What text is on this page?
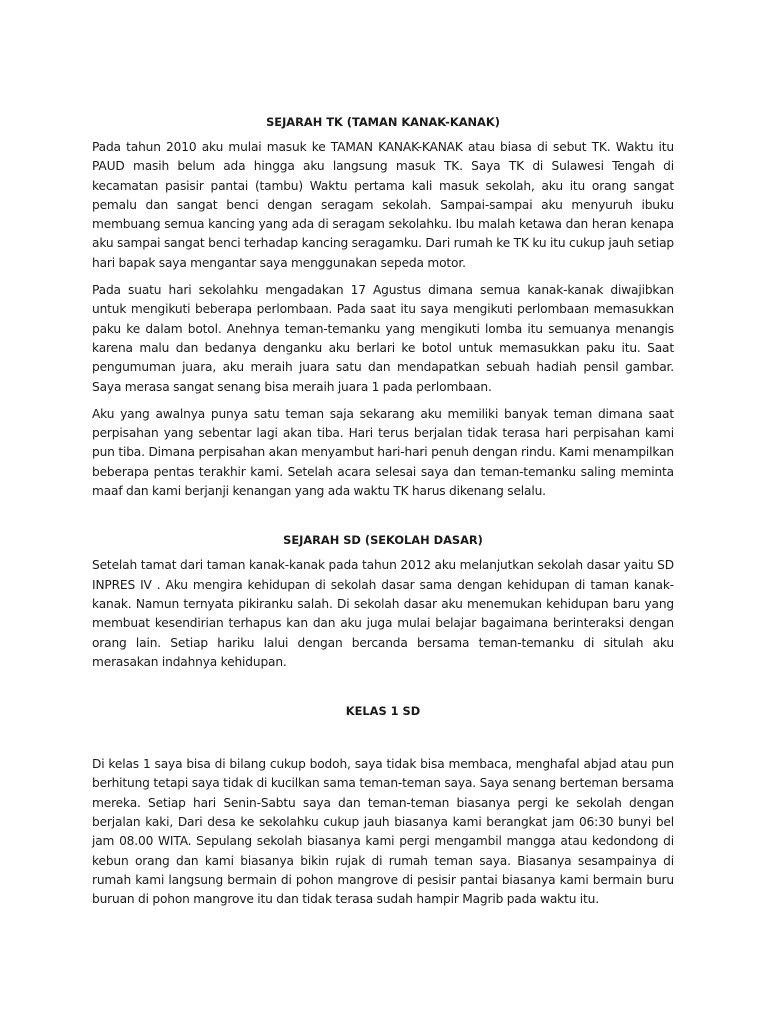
SEJARAH TK (TAMAN KANAK-KANAK)

Pada tahun 2010 aku mulai masuk ke TAMAN KANAK-KANAK atau biasa di sebut TK. Waktu itu PAUD masih belum ada hingga aku langsung masuk TK. Saya TK di Sulawesi Tengah di kecamatan pasisir pantai (tambu) Waktu pertama kali masuk sekolah, aku itu orang sangat pemalu dan sangat benci dengan seragam sekolah. Sampai-sampai aku menyuruh ibuku membuang semua kancing yang ada di seragam sekolahku. Ibu malah ketawa dan heran kenapa aku sampai sangat benci terhadap kancing seragamku. Dari rumah ke TK ku itu cukup jauh setiap hari bapak saya mengantar saya menggunakan sepeda motor.

Pada suatu hari sekolahku mengadakan 17 Agustus dimana semua kanak-kanak diwajibkan untuk mengikuti beberapa perlombaan. Pada saat itu saya mengikuti perlombaan memasukkan paku ke dalam botol. Anehnya teman-temanku yang mengikuti lomba itu semuanya menangis karena malu dan bedanya denganku aku berlari ke botol untuk memasukkan paku itu. Saat pengumuman juara, aku meraih juara satu dan mendapatkan sebuah hadiah pensil gambar. Saya merasa sangat senang bisa meraih juara 1 pada perlombaan.

Aku yang awalnya punya satu teman saja sekarang aku memiliki banyak teman dimana saat perpisahan yang sebentar lagi akan tiba. Hari terus berjalan tidak terasa hari perpisahan kami pun tiba. Dimana perpisahan akan menyambut hari-hari penuh dengan rindu. Kami menampilkan beberapa pentas terakhir kami. Setelah acara selesai saya dan teman-temanku saling meminta maaf dan kami berjanji kenangan yang ada waktu TK harus dikenang selalu.

SEJARAH SD (SEKOLAH DASAR)

Setelah tamat dari taman kanak-kanak pada tahun 2012 aku melanjutkan sekolah dasar yaitu SD INPRES IV . Aku mengira kehidupan di sekolah dasar sama dengan kehidupan di taman kanak-kanak. Namun ternyata pikiranku salah. Di sekolah dasar aku menemukan kehidupan baru yang membuat kesendirian terhapus kan dan aku juga mulai belajar bagaimana berinteraksi dengan orang lain. Setiap hariku lalui dengan bercanda bersama teman-temanku di situlah aku merasakan indahnya kehidupan.

KELAS 1 SD

Di kelas 1 saya bisa di bilang cukup bodoh, saya tidak bisa membaca, menghafal abjad atau pun berhitung tetapi saya tidak di kucilkan sama teman-teman saya. Saya senang berteman bersama mereka. Setiap hari Senin-Sabtu saya dan teman-teman biasanya pergi ke sekolah dengan berjalan kaki, Dari desa ke sekolahku cukup jauh biasanya kami berangkat jam 06:30 bunyi bel jam 08.00 WITA. Sepulang sekolah biasanya kami pergi mengambil mangga atau kedondong di kebun orang dan kami biasanya bikin rujak di rumah teman saya. Biasanya sesampainya di rumah kami langsung bermain di pohon mangrove di pesisir pantai biasanya kami bermain buru buruan di pohon mangrove itu dan tidak terasa sudah hampir Magrib pada waktu itu.
